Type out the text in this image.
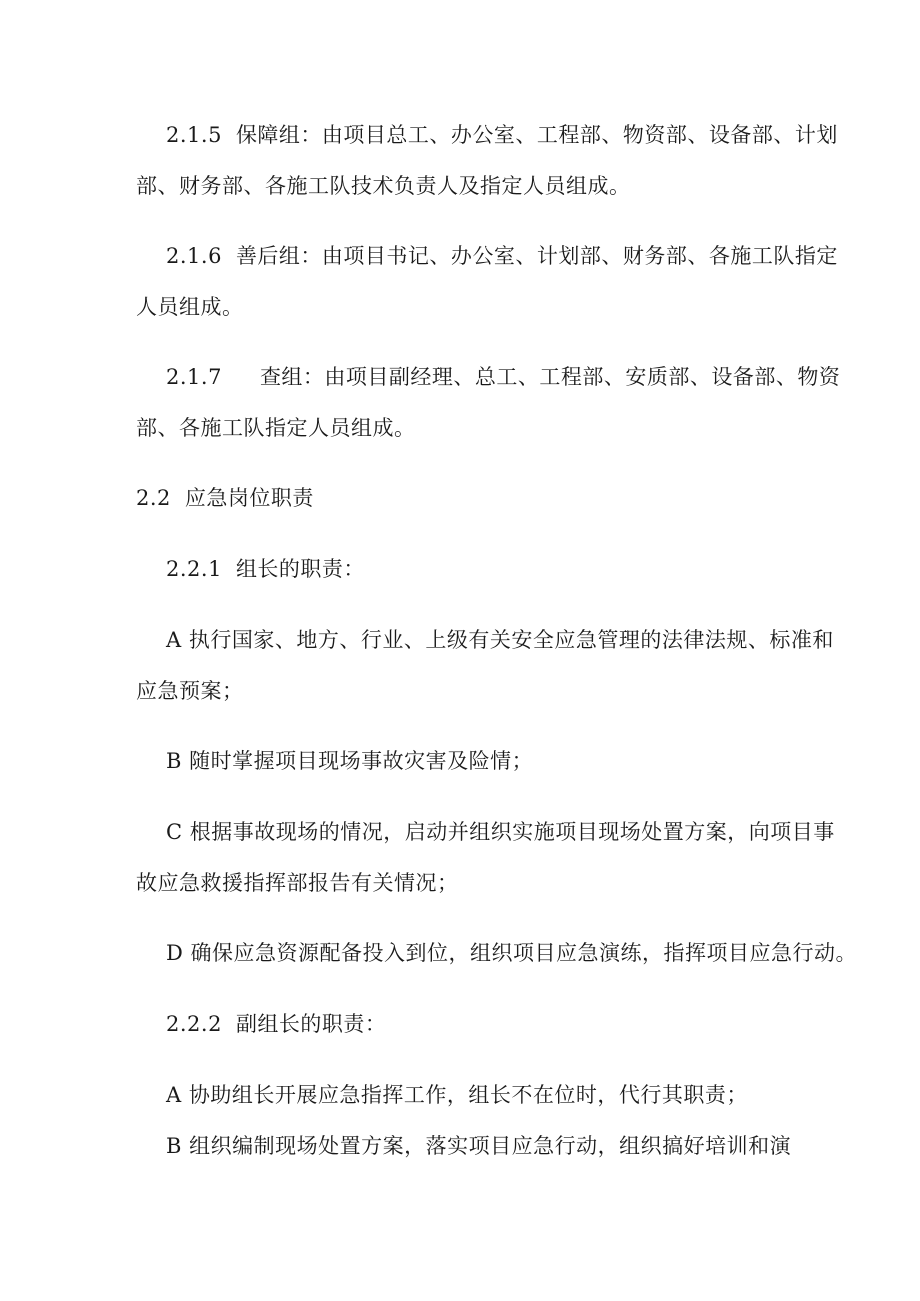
2.1.5 保障组：由项目总工、办公室、工程部、物资部、设备部、计划
部、财务部、各施工队技术负责人及指定人员组成。
2.1.6 善后组：由项目书记、办公室、计划部、财务部、各施工队指定
人员组成。
2.1.7 查组：由项目副经理、总工、工程部、安质部、设备部、物资
部、各施工队指定人员组成。
2.2 应急岗位职责
2.2.1 组长的职责：
A 执行国家、地方、行业、上级有关安全应急管理的法律法规、标准和
应急预案；
B 随时掌握项目现场事故灾害及险情；
C 根据事故现场的情况，启动并组织实施项目现场处置方案，向项目事
故应急救援指挥部报告有关情况；
D 确保应急资源配备投入到位，组织项目应急演练，指挥项目应急行动。
2.2.2 副组长的职责：
A 协助组长开展应急指挥工作，组长不在位时，代行其职责；
B 组织编制现场处置方案，落实项目应急行动，组织搞好培训和演
